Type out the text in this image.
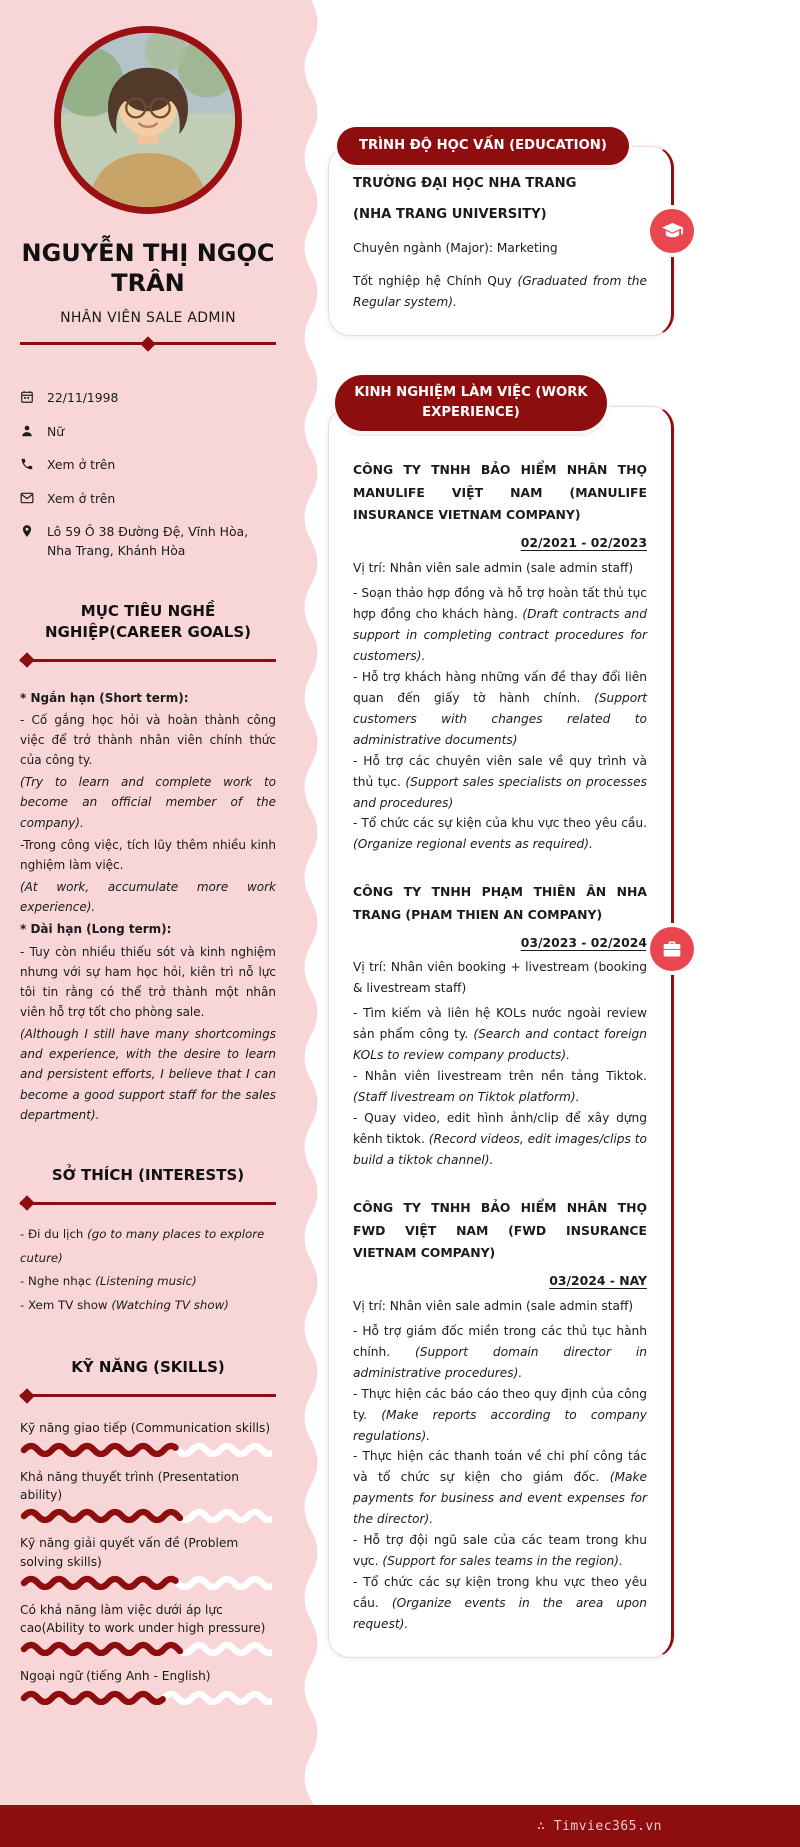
NGUYỄN THỊ NGỌC TRÂN
NHÂN VIÊN SALE ADMIN
22/11/1998
Nữ
Xem ở trên
Xem ở trên
Lô 59 Ô 38 Đường Đệ, Vĩnh Hòa, Nha Trang, Khánh Hòa
MỤC TIÊU NGHỀ NGHIỆP(CAREER GOALS)

* Ngắn hạn (Short term):

- Cố gắng học hỏi và hoàn thành công việc để trở thành nhân viên chính thức của công ty.

(Try to learn and complete work to become an official member of the company).

-Trong công việc, tích lũy thêm nhiều kinh nghiệm làm việc.

(At work, accumulate more work experience).

* Dài hạn (Long term):

- Tuy còn nhiều thiếu sót và kinh nghiệm nhưng với sự ham học hỏi, kiên trì nỗ lực tôi tin rằng có thể trở thành một nhân viên hỗ trợ tốt cho phòng sale.

(Although I still have many shortcomings and experience, with the desire to learn and persistent efforts, I believe that I can become a good support staff for the sales department).

SỞ THÍCH (INTERESTS)

- Đi du lịch (go to many places to explore cuture)

- Nghe nhạc (Listening music)

- Xem TV show (Watching TV show)

KỸ NĂNG (SKILLS)
Kỹ năng giao tiếp (Communication skills)
Khả năng thuyết trình (Presentation ability)
Kỹ năng giải quyết vấn đề (Problem solving skills)
Có khả năng làm việc dưới áp lực cao(Ability to work under high pressure)
Ngoại ngữ (tiếng Anh - English)
TRÌNH ĐỘ HỌC VẤN (EDUCATION)

TRƯỜNG ĐẠI HỌC NHA TRANG

(NHA TRANG UNIVERSITY)

Chuyên ngành (Major): Marketing

Tốt nghiệp hệ Chính Quy (Graduated from the Regular system).

KINH NGHIỆM LÀM VIỆC (WORK EXPERIENCE)
CÔNG TY TNHH BẢO HIỂM NHÂN THỌ MANULIFE VIỆT NAM (MANULIFE INSURANCE VIETNAM COMPANY)
02/2021 - 02/2023

Vị trí: Nhân viên sale admin (sale admin staff)

- Soạn thảo hợp đồng và hỗ trợ hoàn tất thủ tục hợp đồng cho khách hàng. (Draft contracts and support in completing contract procedures for customers).

- Hỗ trợ khách hàng những vấn đề thay đổi liên quan đến giấy tờ hành chính. (Support customers with changes related to administrative documents)

- Hỗ trợ các chuyên viên sale về quy trình và thủ tục. (Support sales specialists on processes and procedures)

- Tổ chức các sự kiện của khu vực theo yêu cầu. (Organize regional events as required).

CÔNG TY TNHH PHẠM THIÊN ÂN NHA TRANG (PHAM THIEN AN COMPANY)
03/2023 - 02/2024

Vị trí: Nhân viên booking + livestream (booking & livestream staff)

- Tìm kiếm và liên hệ KOLs nước ngoài review sản phẩm công ty. (Search and contact foreign KOLs to review company products).

- Nhân viên livestream trên nền tảng Tiktok. (Staff livestream on Tiktok platform).

- Quay video, edit hình ảnh/clip để xây dựng kênh tiktok. (Record videos, edit images/clips to build a tiktok channel).

CÔNG TY TNHH BẢO HIỂM NHÂN THỌ FWD VIỆT NAM (FWD INSURANCE VIETNAM COMPANY)
03/2024 - NAY

Vị trí: Nhân viên sale admin (sale admin staff)

- Hỗ trợ giám đốc miền trong các thủ tục hành chính. (Support domain director in administrative procedures).

- Thực hiện các báo cáo theo quy định của công ty. (Make reports according to company regulations).

- Thực hiện các thanh toán về chi phí công tác và tổ chức sự kiện cho giám đốc. (Make payments for business and event expenses for the director).

- Hỗ trợ đội ngũ sale của các team trong khu vực. (Support for sales teams in the region).

- Tổ chức các sự kiện trong khu vực theo yêu cầu. (Organize events in the area upon request).

∴ Timviec365.vn
